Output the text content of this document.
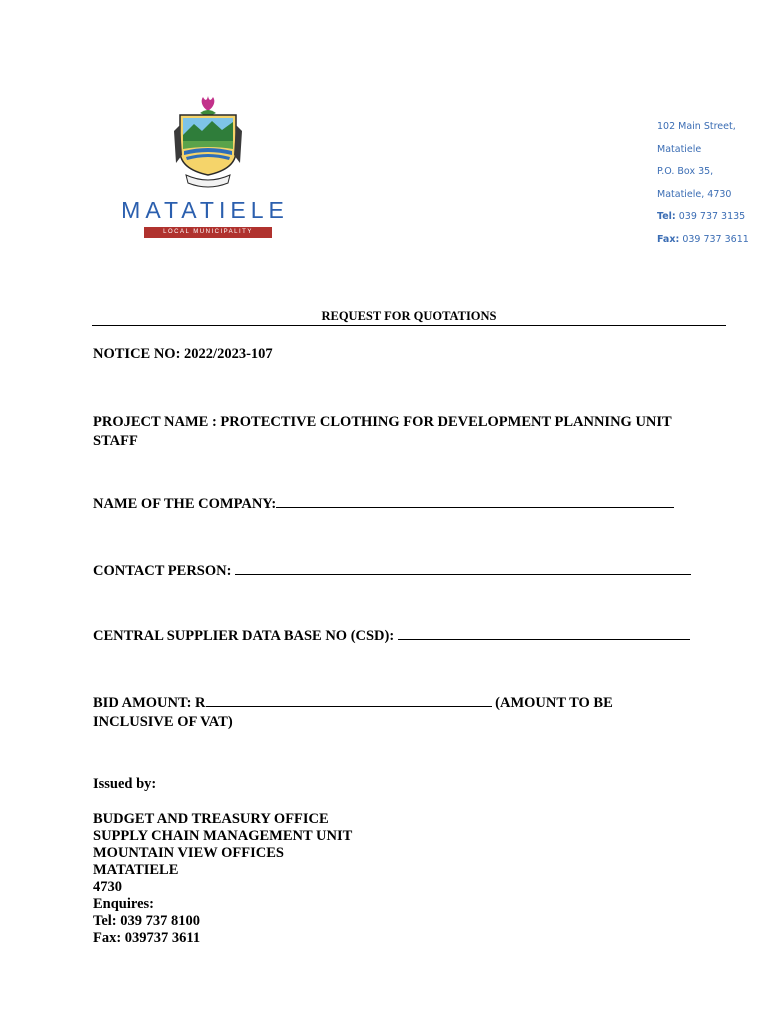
MATATIELE
LOCAL MUNICIPALITY
102 Main Street,
Matatiele
P.O. Box 35,
Matatiele, 4730
Tel: 039 737 3135
Fax: 039 737 3611
REQUEST FOR QUOTATIONS
NOTICE NO: 2022/2023-107
PROJECT NAME : PROTECTIVE CLOTHING FOR DEVELOPMENT PLANNING UNIT
STAFF
NAME OF THE COMPANY:
CONTACT PERSON:
CENTRAL SUPPLIER DATA BASE NO (CSD):
BID AMOUNT: R	(AMOUNT TO BE
INCLUSIVE OF VAT)
Issued by:
BUDGET AND TREASURY OFFICE
SUPPLY CHAIN MANAGEMENT UNIT
MOUNTAIN VIEW OFFICES
MATATIELE
4730
Enquires:
Tel: 039 737 8100
Fax: 039737 3611
